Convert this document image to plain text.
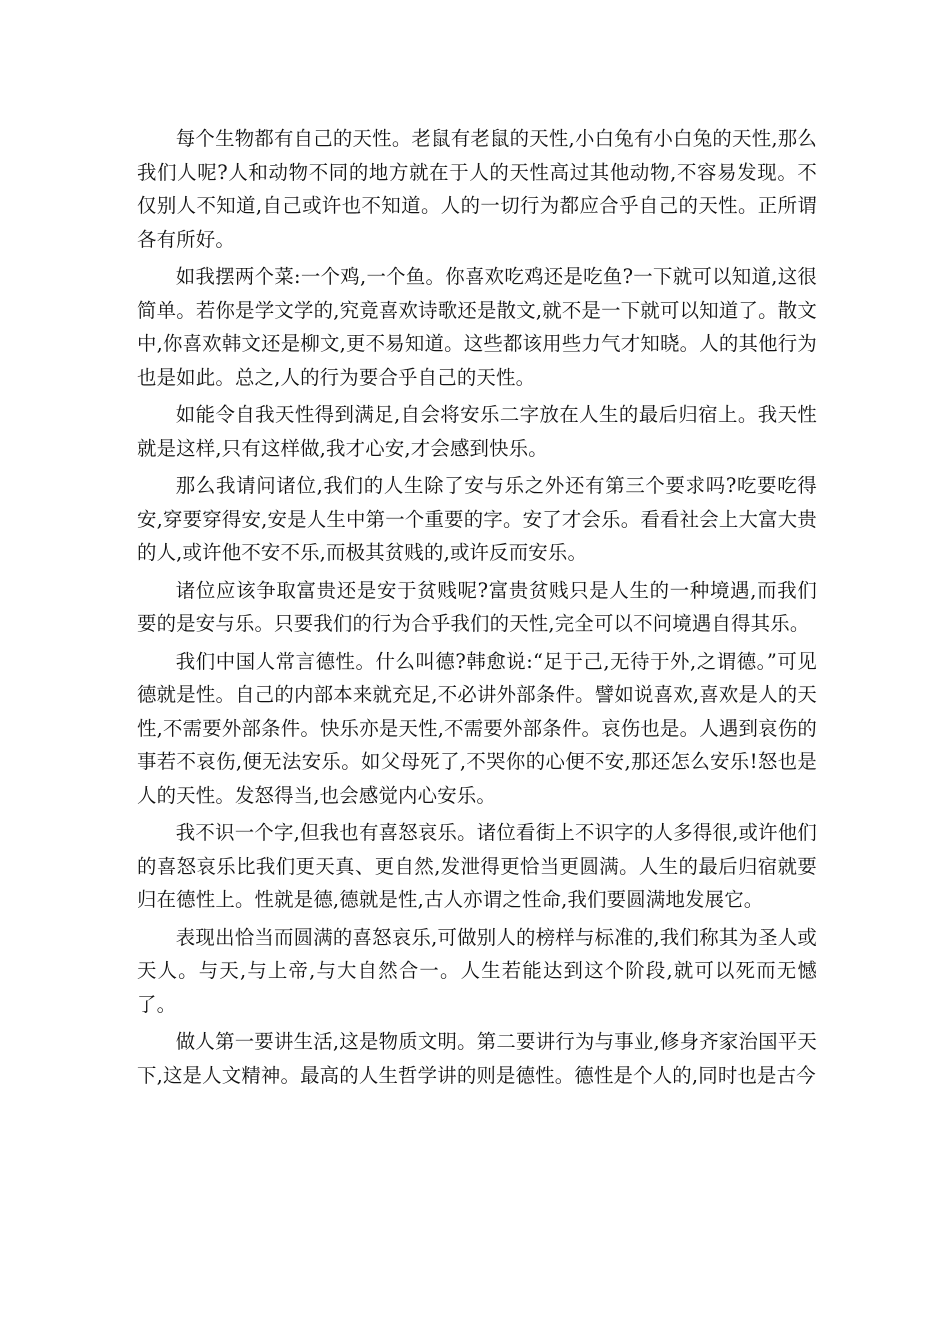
每个生物都有自己的天性。老鼠有老鼠的天性,小白兔有小白兔的天性,那么我们人呢?人和动物不同的地方就在于人的天性高过其他动物,不容易发现。不仅别人不知道,自己或许也不知道。人的一切行为都应合乎自己的天性。正所谓各有所好。

如我摆两个菜:一个鸡,一个鱼。你喜欢吃鸡还是吃鱼?一下就可以知道,这很简单。若你是学文学的,究竟喜欢诗歌还是散文,就不是一下就可以知道了。散文中,你喜欢韩文还是柳文,更不易知道。这些都该用些力气才知晓。人的其他行为也是如此。总之,人的行为要合乎自己的天性。

如能令自我天性得到满足,自会将安乐二字放在人生的最后归宿上。我天性就是这样,只有这样做,我才心安,才会感到快乐。

那么我请问诸位,我们的人生除了安与乐之外还有第三个要求吗?吃要吃得安,穿要穿得安,安是人生中第一个重要的字。安了才会乐。看看社会上大富大贵的人,或许他不安不乐,而极其贫贱的,或许反而安乐。

诸位应该争取富贵还是安于贫贱呢?富贵贫贱只是人生的一种境遇,而我们要的是安与乐。只要我们的行为合乎我们的天性,完全可以不问境遇自得其乐。

我们中国人常言德性。什么叫德?韩愈说:“足于己,无待于外,之谓德。”可见德就是性。自己的内部本来就充足,不必讲外部条件。譬如说喜欢,喜欢是人的天性,不需要外部条件。快乐亦是天性,不需要外部条件。哀伤也是。人遇到哀伤的事若不哀伤,便无法安乐。如父母死了,不哭你的心便不安,那还怎么安乐!怒也是人的天性。发怒得当,也会感觉内心安乐。

我不识一个字,但我也有喜怒哀乐。诸位看街上不识字的人多得很,或许他们的喜怒哀乐比我们更天真、更自然,发泄得更恰当更圆满。人生的最后归宿就要归在德性上。性就是德,德就是性,古人亦谓之性命,我们要圆满地发展它。

表现出恰当而圆满的喜怒哀乐,可做别人的榜样与标准的,我们称其为圣人或天人。与天,与上帝,与大自然合一。人生若能达到这个阶段,就可以死而无憾了。

做人第一要讲生活,这是物质文明。第二要讲行为与事业,修身齐家治国平天下,这是人文精神。最高的人生哲学讲的则是德性。德性是个人的,同时也是古今
